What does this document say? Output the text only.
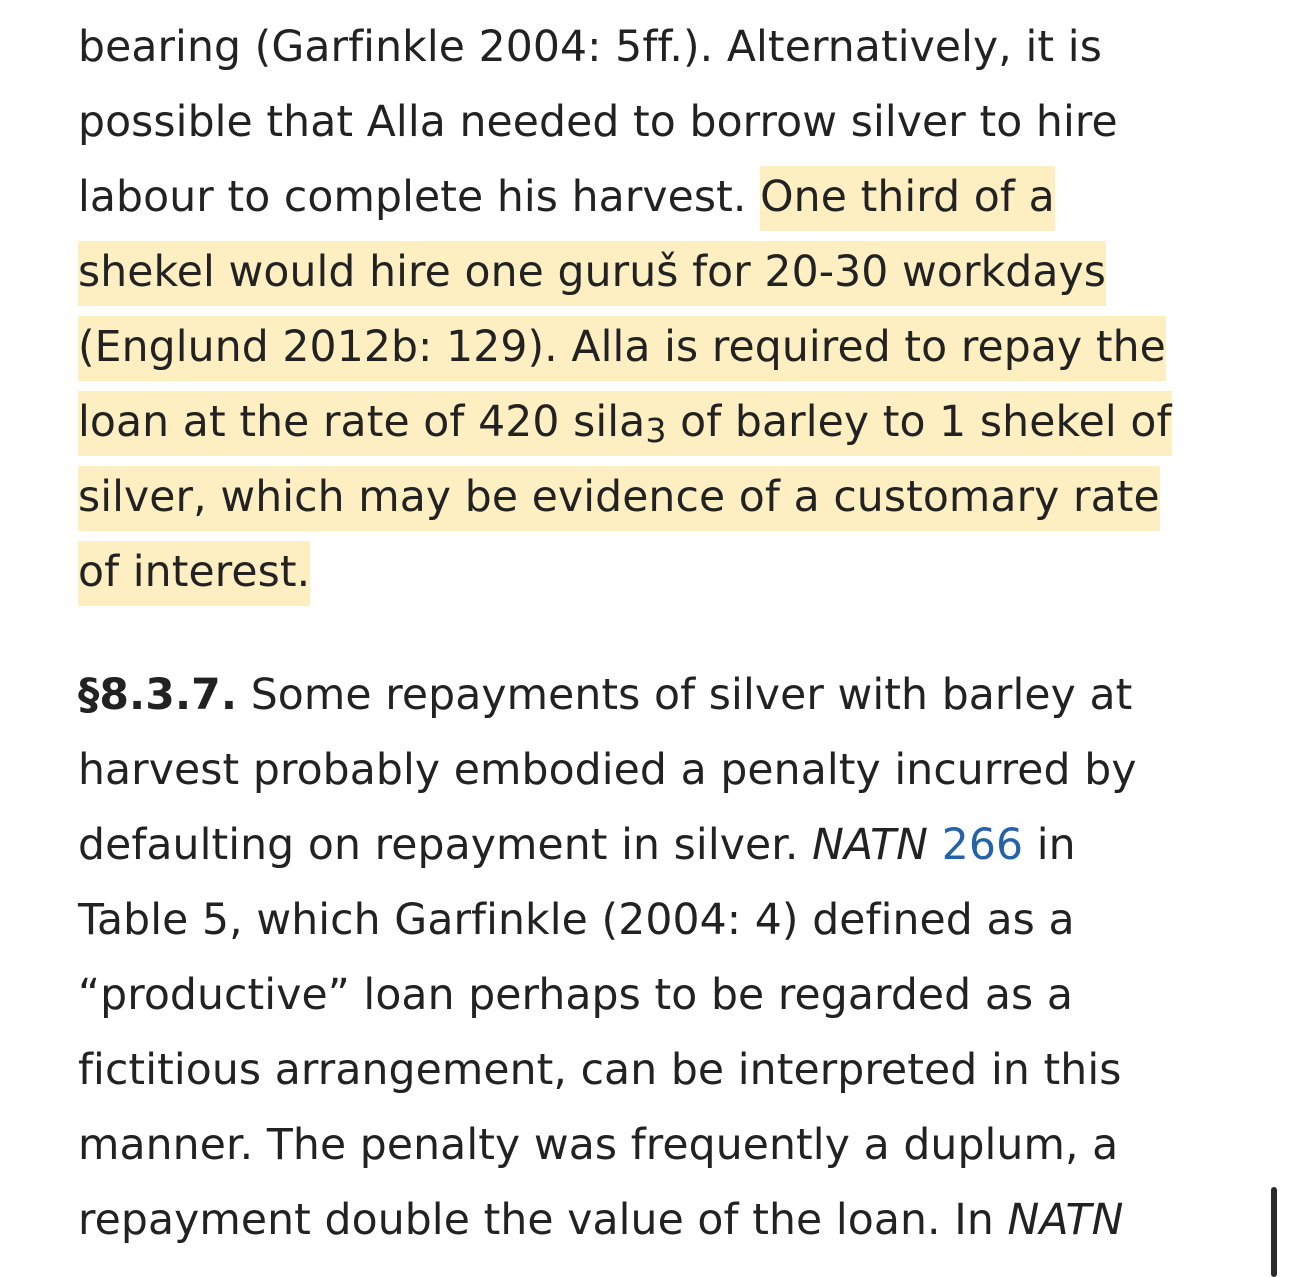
bearing (Garfinkle 2004: 5ff.). Alternatively, it is
possible that Alla needed to borrow silver to hire
labour to complete his harvest. One third of a
shekel would hire one guruš for 20-30 workdays
(Englund 2012b: 129). Alla is required to repay the
loan at the rate of 420 sila3 of barley to 1 shekel of
silver, which may be evidence of a customary rate
of interest.
§8.3.7. Some repayments of silver with barley at
harvest probably embodied a penalty incurred by
defaulting on repayment in silver. NATN 266 in
Table 5, which Garfinkle (2004: 4) defined as a
“productive” loan perhaps to be regarded as a
fictitious arrangement, can be interpreted in this
manner. The penalty was frequently a duplum, a
repayment double the value of the loan. In NATN
